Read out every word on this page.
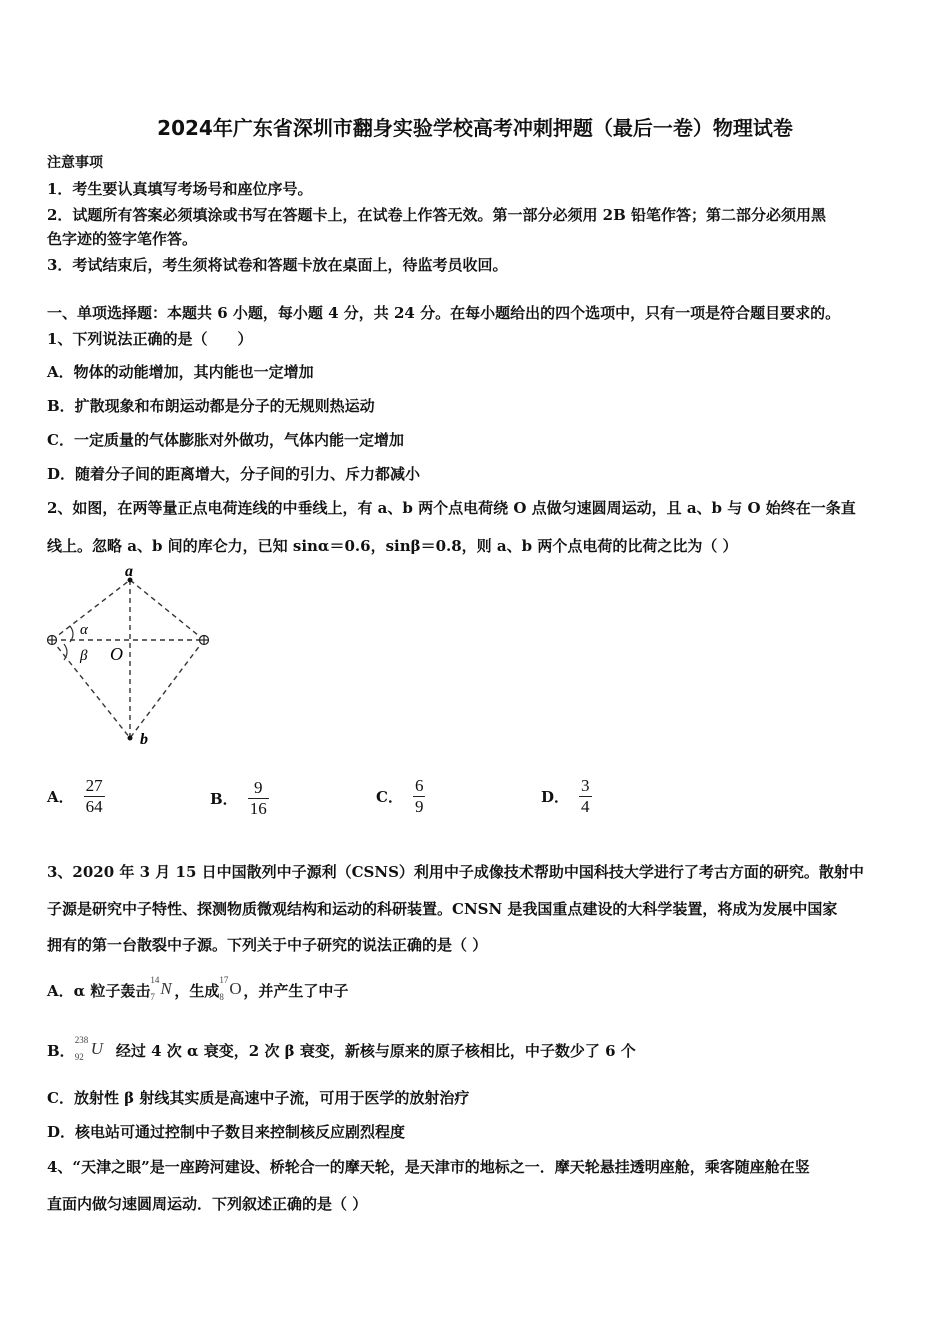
2024年广东省深圳市翻身实验学校高考冲刺押题（最后一卷）物理试卷
注意事项
1．考生要认真填写考场号和座位序号。
2．试题所有答案必须填涂或书写在答题卡上，在试卷上作答无效。第一部分必须用 2B 铅笔作答；第二部分必须用黑
色字迹的签字笔作答。
3．考试结束后，考生须将试卷和答题卡放在桌面上，待监考员收回。
一、单项选择题：本题共 6 小题，每小题 4 分，共 24 分。在每小题给出的四个选项中，只有一项是符合题目要求的。
1、下列说法正确的是（　　）
A．物体的动能增加，其内能也一定增加
B．扩散现象和布朗运动都是分子的无规则热运动
C．一定质量的气体膨胀对外做功，气体内能一定增加
D．随着分子间的距离增大，分子间的引力、斥力都减小
2、如图，在两等量正点电荷连线的中垂线上，有 a、b 两个点电荷绕 O 点做匀速圆周运动，且 a、b 与 O 始终在一条直
线上。忽略 a、b 间的库仑力，已知 sinα＝0.6，sinβ＝0.8，则 a、b 两个点电荷的比荷之比为（ ）
a
b
O
α
β
A． $\frac{27}{64}$	B． $\frac{9}{16}$	C． $\frac{6}{9}$	D． $\frac{3}{4}$
3、2020 年 3 月 15 日中国散列中子源利（CSNS）利用中子成像技术帮助中国科技大学进行了考古方面的研究。散射中
子源是研究中子特性、探测物质微观结构和运动的科研装置。CNSN 是我国重点建设的大科学装置，将成为发展中国家
拥有的第一台散裂中子源。下列关于中子研究的说法正确的是（ ）
A．α 粒子轰击
14
7 N ，生成
17
8 O ，并产生了中子
B．
238
92 U 经过 4 次 α 衰变，2 次 β 衰变，新核与原来的原子核相比，中子数少了 6 个
C．放射性 β 射线其实质是高速中子流，可用于医学的放射治疗
D．核电站可通过控制中子数目来控制核反应剧烈程度
4、“天津之眼”是一座跨河建设、桥轮合一的摩天轮，是天津市的地标之一．摩天轮悬挂透明座舱，乘客随座舱在竖
直面内做匀速圆周运动．下列叙述正确的是（ ）
